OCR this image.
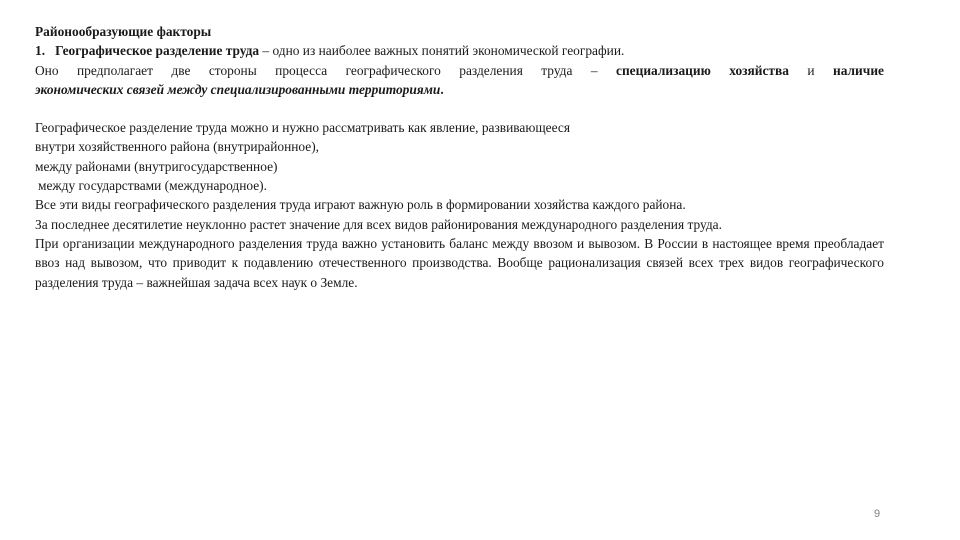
Районообразующие факторы
1. Географическое разделение труда – одно из наиболее важных понятий экономической географии.
Оно предполагает две стороны процесса географического разделения труда – специализацию хозяйства и наличие
экономических связей между специализированными территориями.
Географическое разделение труда можно и нужно рассматривать как явление, развивающееся
внутри хозяйственного района (внутрирайонное),
между районами (внутригосударственное)
между государствами (международное).
Все эти виды географического разделения труда играют важную роль в формировании хозяйства каждого района.
За последнее десятилетие неуклонно растет значение для всех видов районирования международного разделения труда.
При организации международного разделения труда важно установить баланс между ввозом и вывозом. В России в настоящее время преобладает ввоз над вывозом, что приводит к подавлению отечественного производства. Вообще рационализация связей всех трех видов географического разделения труда – важнейшая задача всех наук о Земле.
9
